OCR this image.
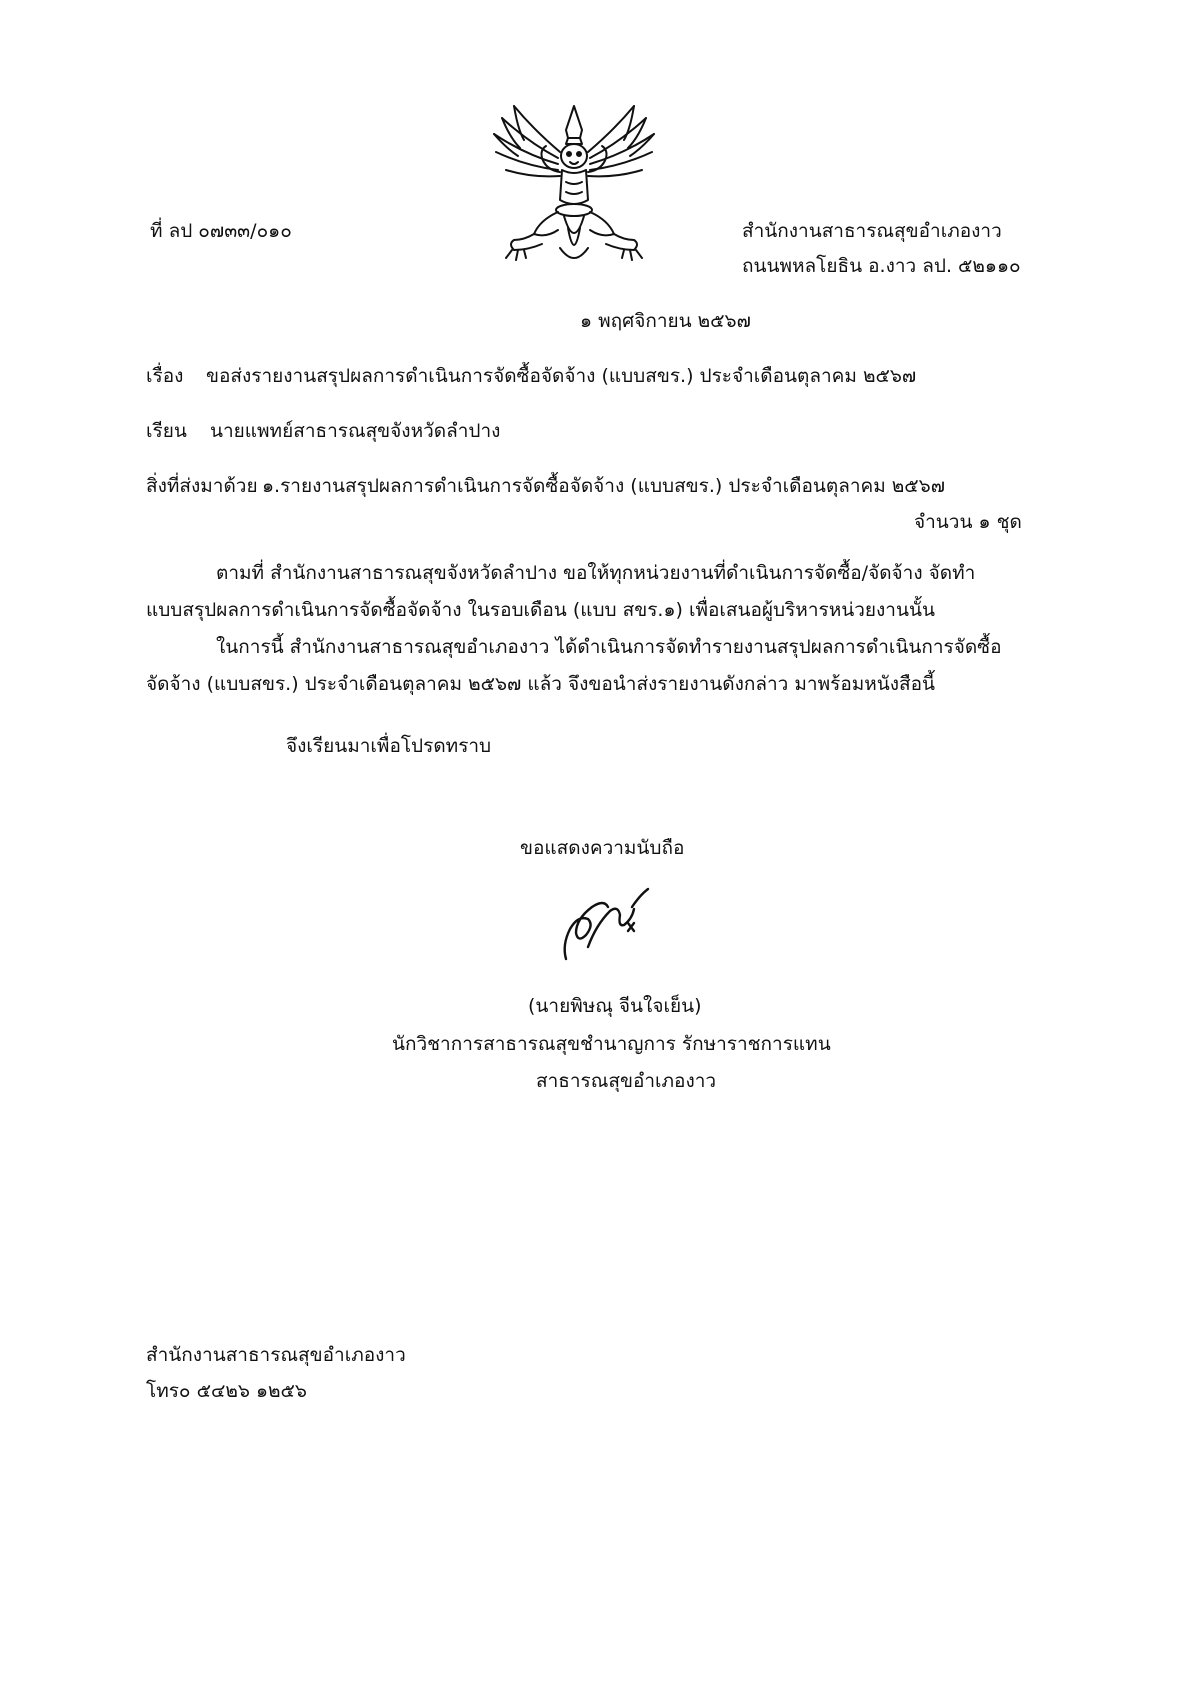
ที่ ลป ๐๗๓๓/๐๑๐	สำนักงานสาธารณสุขอำเภองาว
ถนนพหลโยธิน อ.งาว ลป. ๕๒๑๑๐
๑ พฤศจิกายน ๒๕๖๗
เรื่อง ขอส่งรายงานสรุปผลการดำเนินการจัดซื้อจัดจ้าง (แบบสขร.) ประจำเดือนตุลาคม ๒๕๖๗
เรียน นายแพทย์สาธารณสุขจังหวัดลำปาง
สิ่งที่ส่งมาด้วย ๑.รายงานสรุปผลการดำเนินการจัดซื้อจัดจ้าง (แบบสขร.) ประจำเดือนตุลาคม ๒๕๖๗
จำนวน ๑ ชุด
ตามที่ สำนักงานสาธารณสุขจังหวัดลำปาง ขอให้ทุกหน่วยงานที่ดำเนินการจัดซื้อ/จัดจ้าง จัดทำ
แบบสรุปผลการดำเนินการจัดซื้อจัดจ้าง ในรอบเดือน (แบบ สขร.๑) เพื่อเสนอผู้บริหารหน่วยงานนั้น
ในการนี้ สำนักงานสาธารณสุขอำเภองาว ได้ดำเนินการจัดทำรายงานสรุปผลการดำเนินการจัดซื้อ
จัดจ้าง (แบบสขร.) ประจำเดือนตุลาคม ๒๕๖๗ แล้ว จึงขอนำส่งรายงานดังกล่าว มาพร้อมหนังสือนี้
จึงเรียนมาเพื่อโปรดทราบ
ขอแสดงความนับถือ
(นายพิษณุ จีนใจเย็น)
นักวิชาการสาธารณสุขชำนาญการ รักษาราชการแทน
สาธารณสุขอำเภองาว
สำนักงานสาธารณสุขอำเภองาว
โทร๐ ๕๔๒๖ ๑๒๕๖
